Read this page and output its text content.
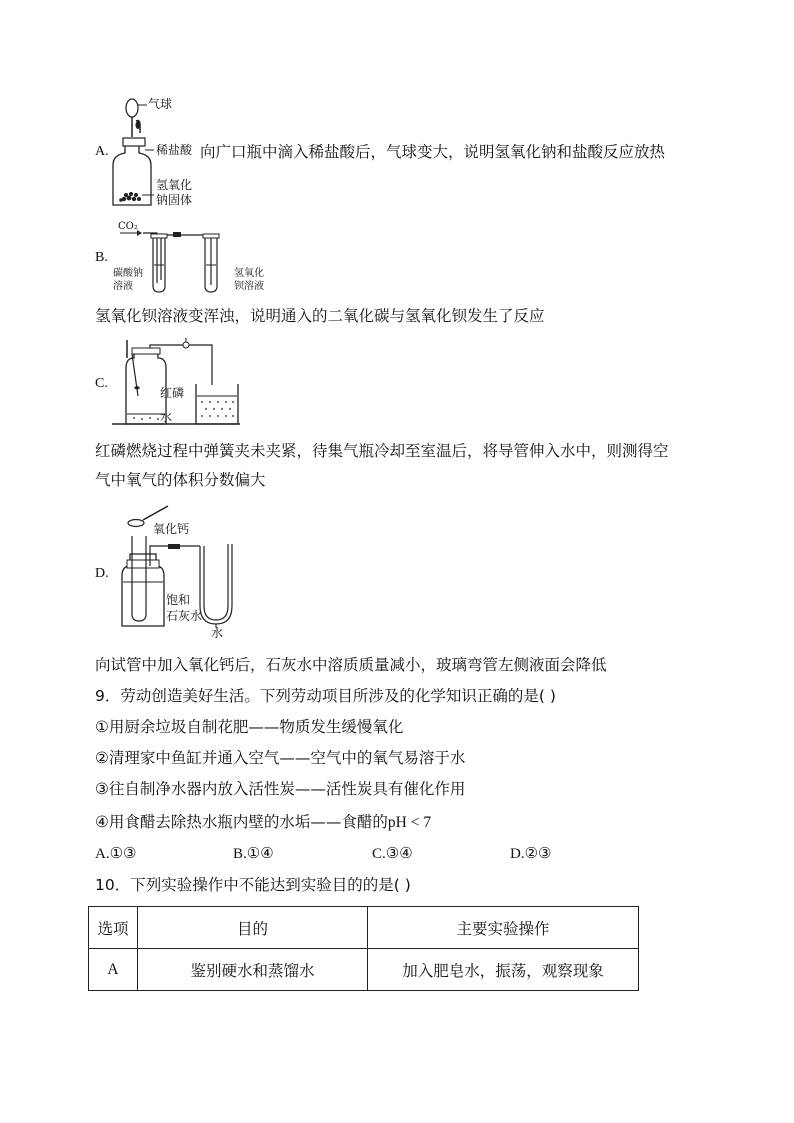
气球
稀盐酸
氢氧化
钠固体
A.	向广口瓶中滴入稀盐酸后，气球变大，说明氢氧化钠和盐酸反应放热
CO₂
B.
碳酸钠
溶液
氢氧化
钡溶液
氢氧化钡溶液变浑浊，说明通入的二氧化碳与氢氧化钡发生了反应
C.
红磷
水
红磷燃烧过程中弹簧夹未夹紧，待集气瓶冷却至室温后，将导管伸入水中，则测得空
气中氧气的体积分数偏大
氧化钙
D.
饱和
石灰水
水
向试管中加入氧化钙后，石灰水中溶质质量减小，玻璃弯管左侧液面会降低
9．劳动创造美好生活。下列劳动项目所涉及的化学知识正确的是( )
①用厨余垃圾自制花肥——物质发生缓慢氧化
②清理家中鱼缸并通入空气——空气中的氧气易溶于水
③往自制净水器内放入活性炭——活性炭具有催化作用
④用食醋去除热水瓶内壁的水垢——食醋的pH < 7
A.①③	B.①④	C.③④	D.②③
10．下列实验操作中不能达到实验目的的是( )
选项	目的	主要实验操作
A	鉴别硬水和蒸馏水	加入肥皂水，振荡，观察现象
